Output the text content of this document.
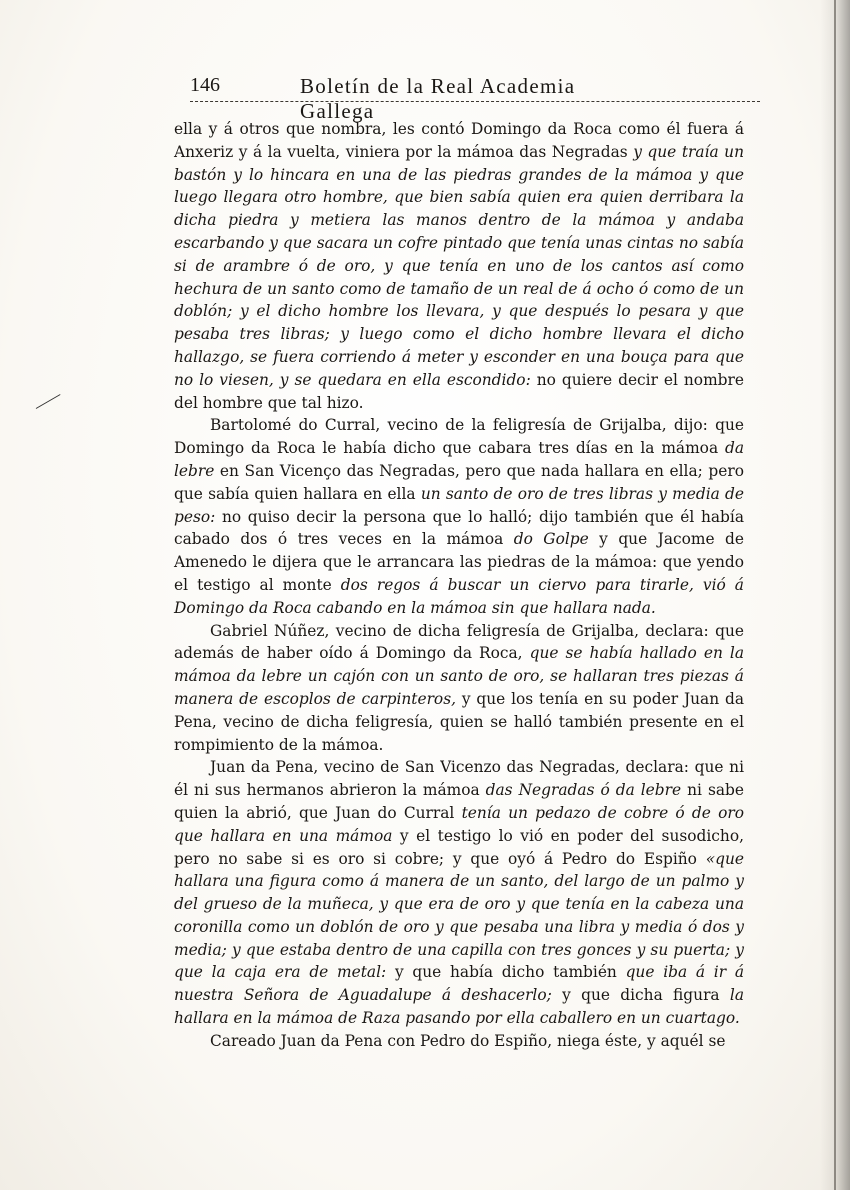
146	Boletín de la Real Academia Gallega

ella y á otros que nombra, les contó Domingo da Roca como él fuera á Anxeriz y á la vuelta, viniera por la mámoa das Negradas y que traía un bastón y lo hincara en una de las piedras grandes de la mámoa y que luego llegara otro hombre, que bien sabía quien era quien derribara la dicha piedra y metiera las manos dentro de la mámoa y andaba escarbando y que sacara un cofre pintado que tenía unas cintas no sabía si de arambre ó de oro, y que tenía en uno de los cantos así como hechura de un santo como de tamaño de un real de á ocho ó como de un doblón; y el dicho hombre los llevara, y que después lo pesara y que pesaba tres libras; y luego como el dicho hombre llevara el dicho hallazgo, se fuera corriendo á meter y esconder en una bouça para que no lo viesen, y se quedara en ella escondido: no quiere decir el nombre del hombre que tal hizo.

Bartolomé do Curral, vecino de la feligresía de Grijalba, dijo: que Domingo da Roca le había dicho que cabara tres días en la mámoa da lebre en San Vicenço das Negradas, pero que nada hallara en ella; pero que sabía quien hallara en ella un santo de oro de tres libras y media de peso: no quiso decir la persona que lo halló; dijo también que él había cabado dos ó tres veces en la mámoa do Golpe y que Jacome de Amenedo le dijera que le arrancara las piedras de la mámoa: que yendo el testigo al monte dos regos á buscar un ciervo para tirarle, vió á Domingo da Roca cabando en la mámoa sin que hallara nada.

Gabriel Núñez, vecino de dicha feligresía de Grijalba, declara: que además de haber oído á Domingo da Roca, que se había hallado en la mámoa da lebre un cajón con un santo de oro, se hallaran tres piezas á manera de escoplos de carpinteros, y que los tenía en su poder Juan da Pena, vecino de dicha feligresía, quien se halló también presente en el rompimiento de la mámoa.

Juan da Pena, vecino de San Vicenzo das Negradas, declara: que ni él ni sus hermanos abrieron la mámoa das Negradas ó da lebre ni sabe quien la abrió, que Juan do Curral tenía un pedazo de cobre ó de oro que hallara en una mámoa y el testigo lo vió en poder del susodicho, pero no sabe si es oro si cobre; y que oyó á Pedro do Espiño «que hallara una figura como á manera de un santo, del largo de un palmo y del grueso de la muñeca, y que era de oro y que tenía en la cabeza una coronilla como un doblón de oro y que pesaba una libra y media ó dos y media; y que estaba dentro de una capilla con tres gonces y su puerta; y que la caja era de metal: y que había dicho también que iba á ir á nuestra Señora de Aguadalupe á deshacerlo; y que dicha figura la hallara en la mámoa de Raza pasando por ella caballero en un cuartago.

Careado Juan da Pena con Pedro do Espiño, niega éste, y aquél se
